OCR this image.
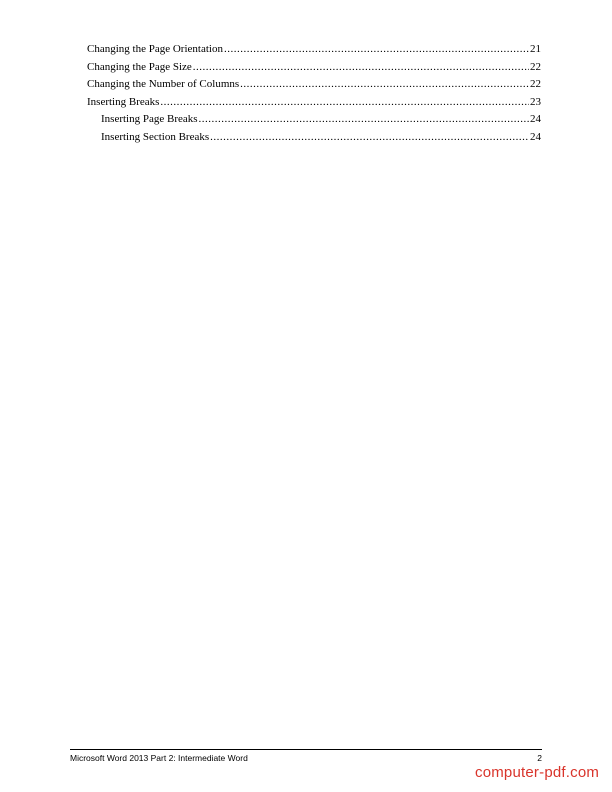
Changing the Page Orientation .....	21
Changing the Page Size .....	22
Changing the Number of Columns .....	22
Inserting Breaks .....	23
Inserting Page Breaks .....	24
Inserting Section Breaks .....	24
Microsoft Word 2013 Part 2: Intermediate Word	2
computer-pdf.com
